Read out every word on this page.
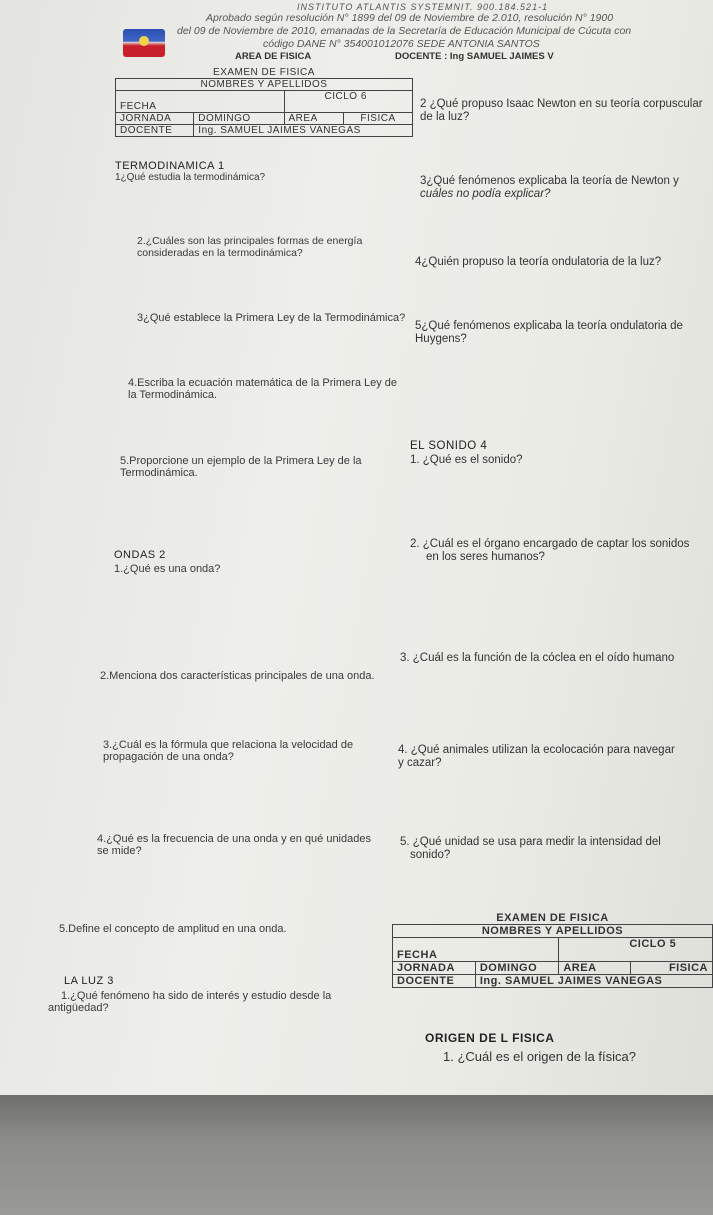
INSTITUTO ATLANTIS SYSTEMNIT. 900.184.521-1
Aprobado según resolución N° 1899 del 09 de Noviembre de 2.010, resolución N° 1900
del 09 de Noviembre de 2010, emanadas de la Secretaría de Educación Municipal de Cúcuta con
código DANE N° 354001012076 SEDE ANTONIA SANTOS
AREA DE FISICA	DOCENTE : Ing SAMUEL JAIMES V
EXAMEN DE FISICA			
NOMBRES Y APELLIDOS			
FECHA		CICLO 6	
JORNADA	DOMINGO	AREA	FISICA
DOCENTE	Ing. SAMUEL JAIMES VANEGAS		
TERMODINAMICA 1
1¿Qué estudia la termodinámica?
2.¿Cuáles son las principales formas de energía
consideradas en la termodinámica?
3¿Qué establece la Primera Ley de la Termodinámica?
4.Escriba la ecuación matemática de la Primera Ley de
la Termodinámica.
5.Proporcione un ejemplo de la Primera Ley de la
Termodinámica.
ONDAS 2
1.¿Qué es una onda?
2.Menciona dos características principales de una onda.
3.¿Cuál es la fórmula que relaciona la velocidad de
propagación de una onda?
4.¿Qué es la frecuencia de una onda y en qué unidades
se mide?
5.Define el concepto de amplitud en una onda.
LA LUZ 3
1.¿Qué fenómeno ha sido de interés y estudio desde la
antigüedad?
2 ¿Qué propuso Isaac Newton en su teoría corpuscular
de la luz?
3¿Qué fenómenos explicaba la teoría de Newton y
cuáles no podía explicar?
4¿Quién propuso la teoría ondulatoria de la luz?
5¿Qué fenómenos explicaba la teoría ondulatoria de
Huygens?
EL SONIDO 4
1. ¿Qué es el sonido?
2. ¿Cuál es el órgano encargado de captar los sonidos
en los seres humanos?
3. ¿Cuál es la función de la cóclea en el oído humano
4. ¿Qué animales utilizan la ecolocación para navegar
y cazar?
5. ¿Qué unidad se usa para medir la intensidad del
sonido?
EXAMEN DE FISICA			
NOMBRES Y APELLIDOS			
FECHA		CICLO 5	
JORNADA	DOMINGO	AREA	FISICA
DOCENTE	Ing. SAMUEL JAIMES VANEGAS		
ORIGEN DE L FISICA
1. ¿Cuál es el origen de la física?
